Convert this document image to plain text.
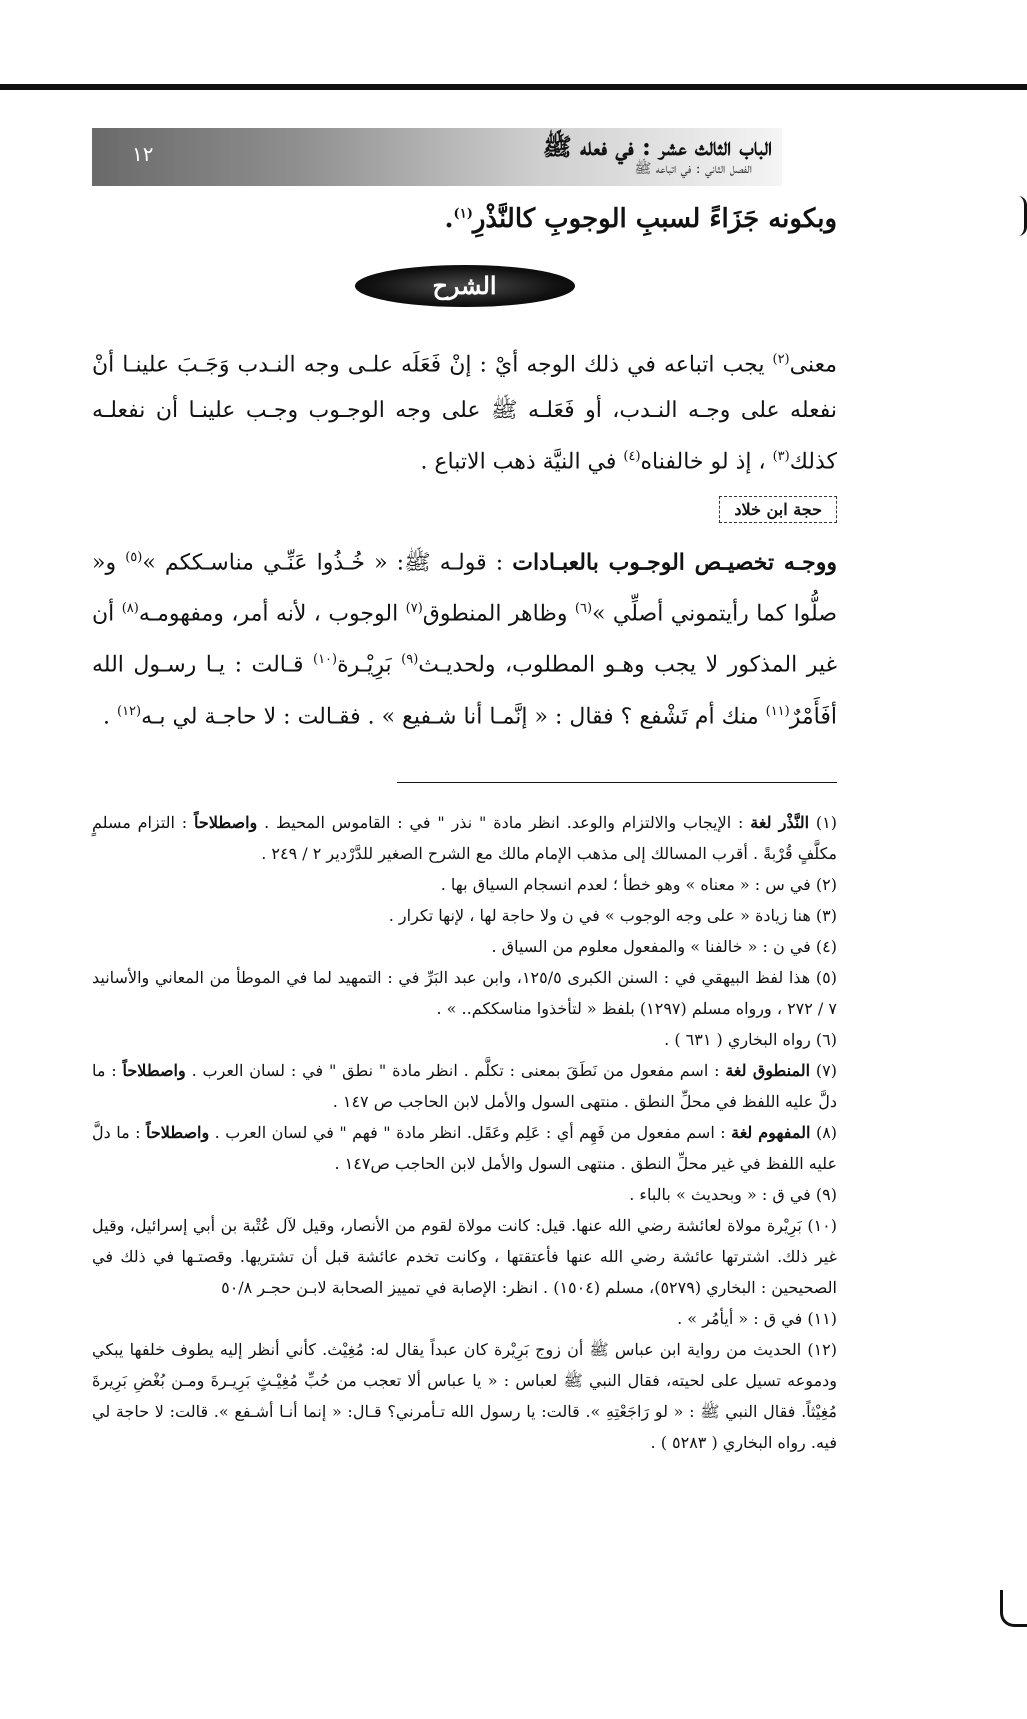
الباب الثالث عشر : في فعله ﷺ
الفصل الثاني : في اتباعه ﷺ
١٢

وبكونه جَزَاءً لسببِ الوجوبِ كالنَّذْرِ$^{(١)}$.

الشرح

معنى$^{(٢)}$ يجب اتباعه في ذلك الوجه أيْ : إنْ فَعَلَه علـى وجه النـدب وَجَـبَ علينـا أنْ نفعله على وجـه النـدب، أو فَعَلـه ﷺ على وجه الوجـوب وجـب علينـا أن نفعلـه كذلك$^{(٣)}$ ، إذ لو خالفناه$^{(٤)}$ في النيَّة ذهب الاتباع .

حجة ابن خلاد

ووجـه تخصيـص الوجـوب بالعبـادات : قولـه ﷺ: « خُـذُوا عَنِّـي مناسـككم »$^{(٥)}$ و« صلُّوا كما رأيتموني أصلِّي »$^{(٦)}$ وظاهر المنطوق$^{(٧)}$ الوجوب ، لأنه أمر، ومفهومـه$^{(٨)}$ أن غير المذكور لا يجب وهـو المطلوب، ولحديـث$^{(٩)}$ بَرِيْـرة$^{(١٠)}$ قـالت : يـا رسـول الله أفَأَمْرٌ$^{(١١)}$ منك أم تَشْفع ؟ فقال : « إنَّمـا أنا شـفيع » . فقـالت : لا حاجـة لي بـه$^{(١٢)}$ .

(١) النَّذْر لغة : الإيجاب والالتزام والوعد. انظر مادة " نذر " في : القاموس المحيط . واصطلاحاً : التزام مسلمٍ مكلَّفٍ قُرْبةً . أقرب المسالك إلى مذهب الإمام مالك مع الشرح الصغير للدَّرْدير ٢ / ٢٤٩ .

(٢) في س : « معناه » وهو خطأ ؛ لعدم انسجام السياق بها .

(٣) هنا زيادة « على وجه الوجوب » في ن ولا حاجة لها ، لإنها تكرار .

(٤) في ن : « خالفنا » والمفعول معلوم من السياق .

(٥) هذا لفظ البيهقي في : السنن الكبرى ١٢٥/٥، وابن عبد البَرِّ في : التمهيد لما في الموطأ من المعاني والأسانيد ٧ / ٢٧٢ ، ورواه مسلم (١٢٩٧) بلفظ « لتأخذوا مناسككم.. » .

(٦) رواه البخاري ( ٦٣١ ) .

(٧) المنطوق لغة : اسم مفعول من نَطَقَ بمعنى : تكلَّم . انظر مادة " نطق " في : لسان العرب . واصطلاحاً : ما دلَّ عليه اللفظ في محلِّ النطق . منتهى السول والأمل لابن الحاجب ص ١٤٧ .

(٨) المفهوم لغة : اسم مفعول من فَهِم أي : عَلِم وعَقَل. انظر مادة " فهم " في لسان العرب . واصطلاحاً : ما دلَّ عليه اللفظ في غير محلِّ النطق . منتهى السول والأمل لابن الحاجب ص١٤٧ .

(٩) في ق : « وبحديث » بالباء .

(١٠) بَرِيْرة مولاة لعائشة رضي الله عنها. قيل: كانت مولاة لقوم من الأنصار، وقيل لآل عُتْبة بن أبي إسرائيل، وقيل غير ذلك. اشترتها عائشة رضي الله عنها فأعتقتها ، وكانت تخدم عائشة قبل أن تشتريها. وقصتـها في ذلك في الصحيحين : البخاري (٥٢٧٩)، مسلم (١٥٠٤) . انظر: الإصابة في تمييز الصحابة لابـن حجـر ٥٠/٨

(١١) في ق : « أيأمُر » .

(١٢) الحديث من رواية ابن عباس ﷺ أن زوج بَرِيْرة كان عبداً يقال له: مُغِيْث. كأني أنظر إليه يطوف خلفها يبكي ودموعه تسيل على لحيته، فقال النبي ﷺ لعباس : « يا عباس ألا تعجب من حُبِّ مُغِيْـثٍ بَرِيـرةَ ومـن بُغْضِ بَرِيرةَ مُغِيْثاً. فقال النبي ﷺ : « لو رَاجَعْتِهِ ». قالت: يا رسول الله تـأمرني؟ قـال: « إنما أنـا أشـفع ». قالت: لا حاجة لي فيه. رواه البخاري ( ٥٢٨٣ ) .
